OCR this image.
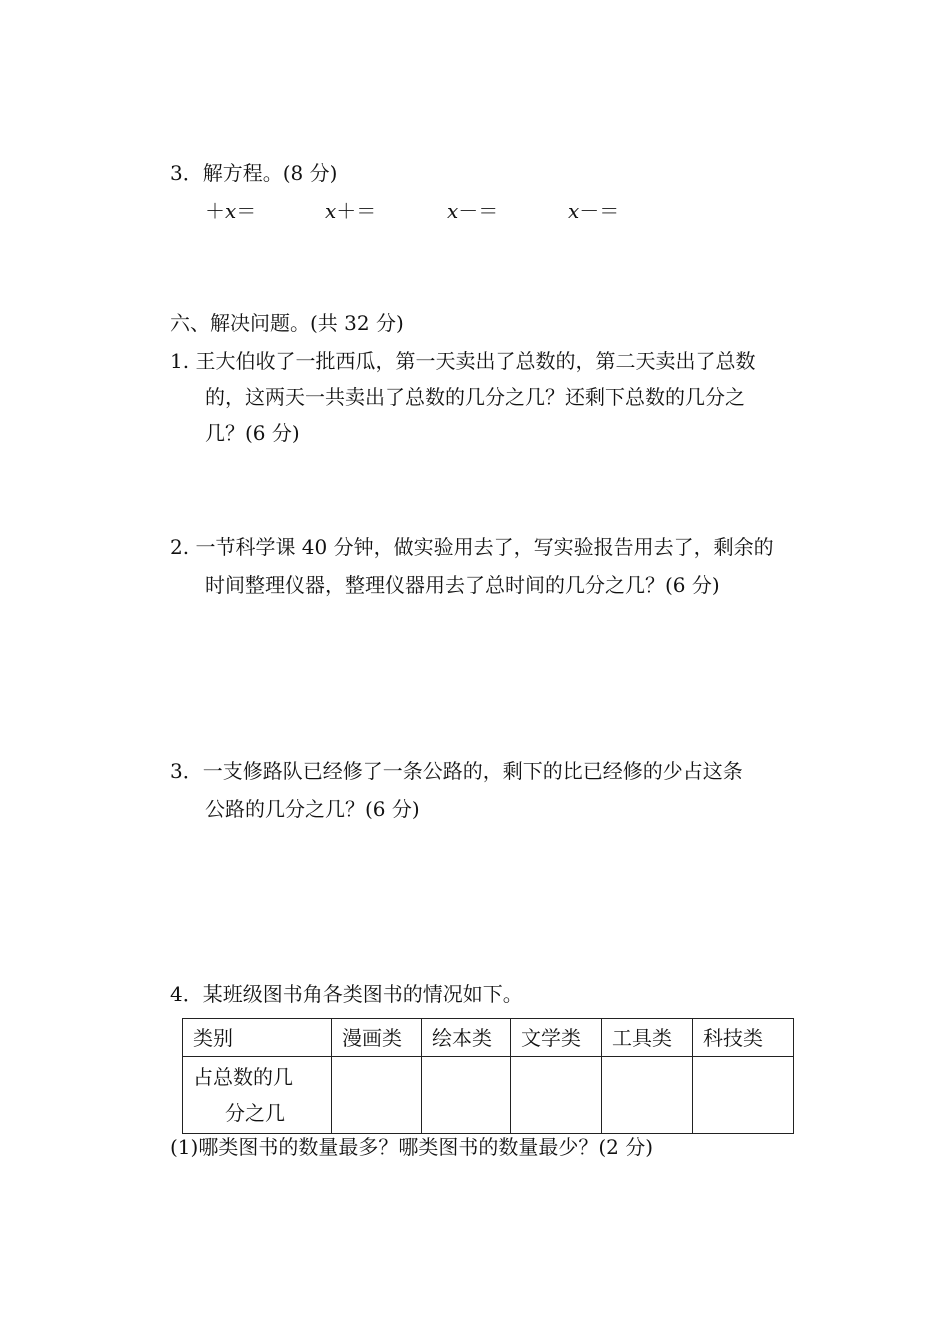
3．解方程。(8 分)
＋x＝	x＋＝	x－＝	x－＝
六、解决问题。(共 32 分)
1. 王大伯收了一批西瓜，第一天卖出了总数的，第二天卖出了总数
的，这两天一共卖出了总数的几分之几？还剩下总数的几分之
几？(6 分)
2. 一节科学课 40 分钟，做实验用去了，写实验报告用去了，剩余的
时间整理仪器，整理仪器用去了总时间的几分之几？(6 分)
3．一支修路队已经修了一条公路的，剩下的比已经修的少占这条
公路的几分之几？(6 分)
4．某班级图书角各类图书的情况如下。
类别	漫画类	绘本类	文学类	工具类	科技类

占总数的几
分之几					

(1)哪类图书的数量最多？哪类图书的数量最少？(2 分)
